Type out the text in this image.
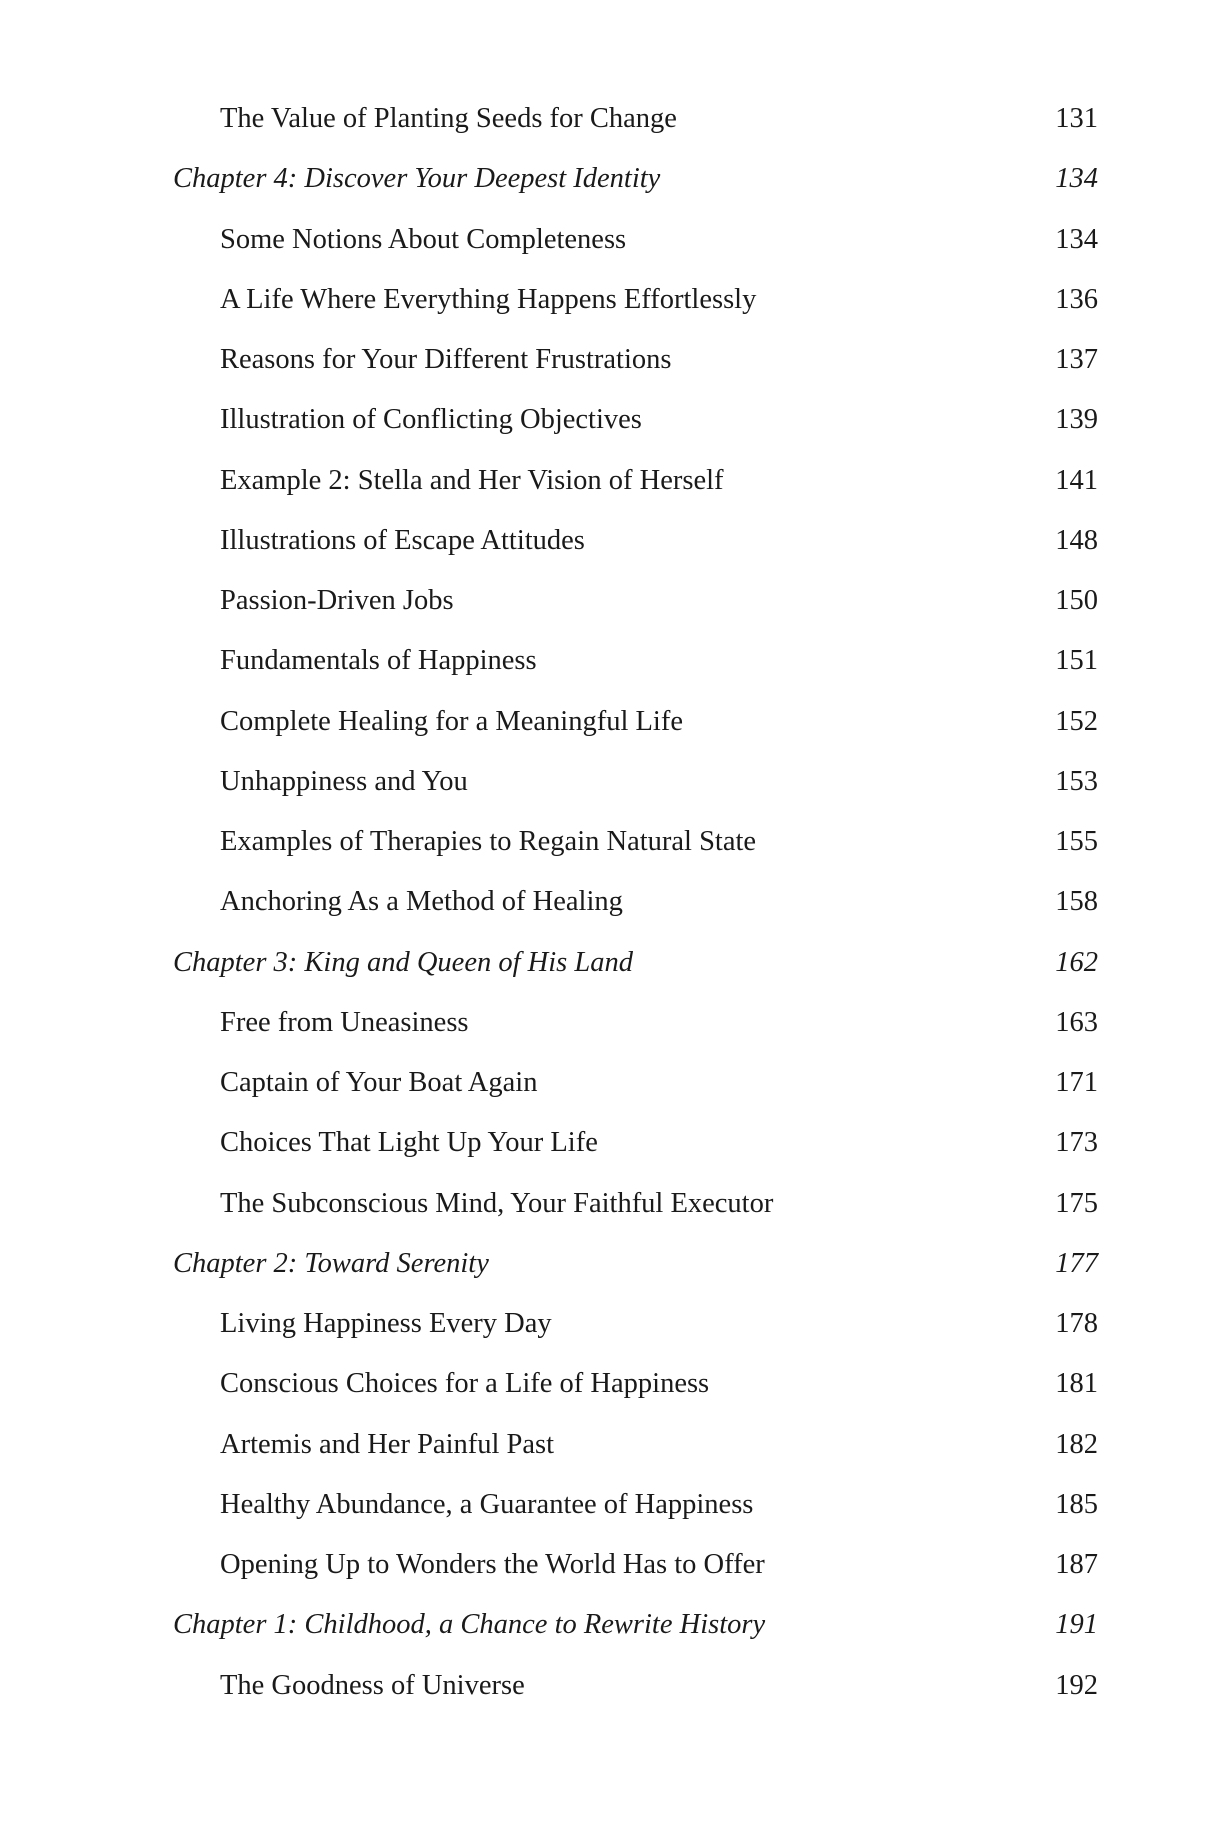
The Value of Planting Seeds for Change	131
Chapter 4: Discover Your Deepest Identity	134
Some Notions About Completeness	134
A Life Where Everything Happens Effortlessly	136
Reasons for Your Different Frustrations	137
Illustration of Conflicting Objectives	139
Example 2: Stella and Her Vision of Herself	141
Illustrations of Escape Attitudes	148
Passion-Driven Jobs	150
Fundamentals of Happiness	151
Complete Healing for a Meaningful Life	152
Unhappiness and You	153
Examples of Therapies to Regain Natural State	155
Anchoring As a Method of Healing	158
Chapter 3: King and Queen of His Land	162
Free from Uneasiness	163
Captain of Your Boat Again	171
Choices That Light Up Your Life	173
The Subconscious Mind, Your Faithful Executor	175
Chapter 2: Toward Serenity	177
Living Happiness Every Day	178
Conscious Choices for a Life of Happiness	181
Artemis and Her Painful Past	182
Healthy Abundance, a Guarantee of Happiness	185
Opening Up to Wonders the World Has to Offer	187
Chapter 1: Childhood, a Chance to Rewrite History	191
The Goodness of Universe	192
